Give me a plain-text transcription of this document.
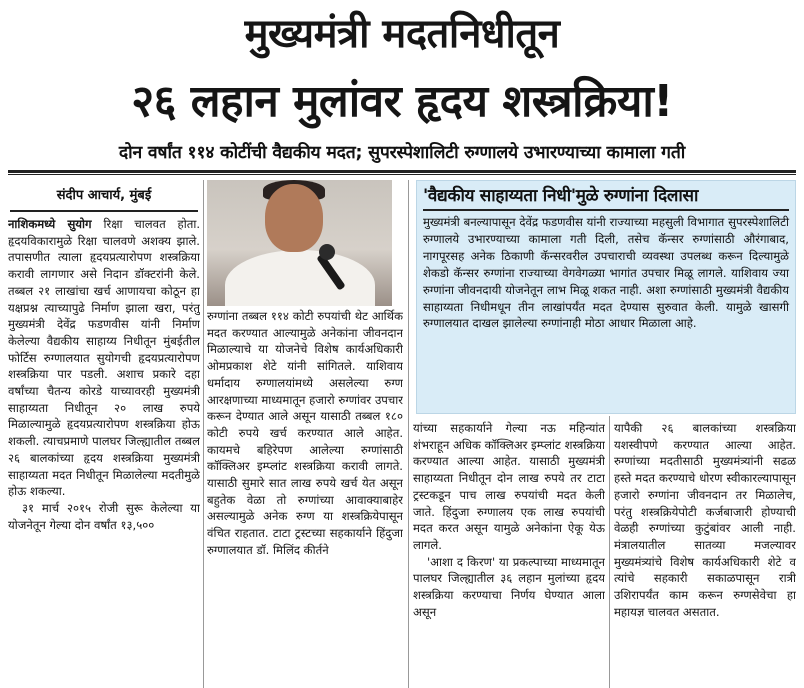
मुख्यमंत्री मदतनिधीतून
२६ लहान मुलांवर हृदय शस्त्रक्रिया!
दोन वर्षांत ११४ कोटींची वैद्यकीय मदत; सुपरस्पेशालिटी रुग्णालये उभारण्याच्या कामाला गती
संदीप आचार्य, मुंबई

नाशिकमध्ये सुयोग रिक्षा चालवत होता. हृदयविकारामुळे रिक्षा चालवणे अशक्य झाले. तपासणीत त्याला हृदयप्रत्यारोपण शस्त्रक्रिया करावी लागणार असे निदान डॉक्टरांनी केले. तब्बल २१ लाखांचा खर्च आणायचा कोठून हा यक्षप्रश्न त्याच्यापुढे निर्माण झाला खरा, परंतु मुख्यमंत्री देवेंद्र फडणवीस यांनी निर्माण केलेल्या वैद्यकीय साहाय्य निधीतून मुंबईतील फोर्टिस रुग्णालयात सुयोगची हृदयप्रत्यारोपण शस्त्रक्रिया पार पडली. अशाच प्रकारे दहा वर्षांच्या चैतन्य कोरडे याच्यावरही मुख्यमंत्री साहाय्यता निधीतून २० लाख रुपये मिळाल्यामुळे हृदयप्रत्यारोपण शस्त्रक्रिया होऊ शकली. त्याचप्रमाणे पालघर जिल्ह्यातील तब्बल २६ बालकांच्या हृदय शस्त्रक्रिया मुख्यमंत्री साहाय्यता मदत निधीतून मिळालेल्या मदतीमुळे होऊ शकल्या.

३१ मार्च २०१५ रोजी सुरू केलेल्या या योजनेतून गेल्या दोन वर्षांत १३,५००

रुग्णांना तब्बल ११४ कोटी रुपयांची थेट आर्थिक मदत करण्यात आल्यामुळे अनेकांना जीवनदान मिळाल्याचे या योजनेचे विशेष कार्यअधिकारी ओमप्रकाश शेटे यांनी सांगितले. याशिवाय धर्मादाय रुग्णालयांमध्ये असलेल्या रुग्ण आरक्षणाच्या माध्यमातून हजारो रुग्णांवर उपचार करून देण्यात आले असून यासाठी तब्बल १८० कोटी रुपये खर्च करण्यात आले आहेत. कायमचे बहिरेपण आलेल्या रुग्णांसाठी कॉक्लिअर इम्प्लांट शस्त्रक्रिया करावी लागते. यासाठी सुमारे सात लाख रुपये खर्च येत असून बहुतेक वेळा तो रुग्णांच्या आवाक्याबाहेर असल्यामुळे अनेक रुग्ण या शस्त्रक्रियेपासून वंचित राहतात. टाटा ट्रस्टच्या सहकार्याने हिंदुजा रुग्णालयात डॉ. मिलिंद कीर्तने

'वैद्यकीय साहाय्यता निधी'मुळे रुग्णांना दिलासा
मुख्यमंत्री बनल्यापासून देवेंद्र फडणवीस यांनी राज्याच्या महसुली विभागात सुपरस्पेशालिटी रुग्णालये उभारण्याच्या कामाला गती दिली, तसेच कॅन्सर रुग्णांसाठी औरंगाबाद, नागपूरसह अनेक ठिकाणी कॅन्सरवरील उपचाराची व्यवस्था उपलब्ध करून दिल्यामुळे शेकडो कॅन्सर रुग्णांना राज्याच्या वेगवेगळ्या भागांत उपचार मिळू लागले. याशिवाय ज्या रुग्णांना जीवनदायी योजनेतून लाभ मिळू शकत नाही. अशा रुग्णांसाठी मुख्यमंत्री वैद्यकीय साहाय्यता निधीमधून तीन लाखांपर्यंत मदत देण्यास सुरुवात केली. यामुळे खासगी रुग्णालयात दाखल झालेल्या रुग्णांनाही मोठा आधार मिळाला आहे.

यांच्या सहकार्याने गेल्या नऊ महिन्यांत शंभराहून अधिक कॉक्लिअर इम्प्लांट शस्त्रक्रिया करण्यात आल्या आहेत. यासाठी मुख्यमंत्री साहाय्यता निधीतून दोन लाख रुपये तर टाटा ट्रस्टकडून पाच लाख रुपयांची मदत केली जाते. हिंदुजा रुग्णालय एक लाख रुपयांची मदत करत असून यामुळे अनेकांना ऐकू येऊ लागले.

'आशा द किरण' या प्रकल्पाच्या माध्यमातून पालघर जिल्ह्यातील ३६ लहान मुलांच्या हृदय शस्त्रक्रिया करण्याचा निर्णय घेण्यात आला असून

यापैकी २६ बालकांच्या शस्त्रक्रिया यशस्वीपणे करण्यात आल्या आहेत. रुग्णांच्या मदतीसाठी मुख्यमंत्र्यांनी सढळ हस्ते मदत करण्याचे धोरण स्वीकारल्यापासून हजारो रुग्णांना जीवनदान तर मिळालेच, परंतु शस्त्रक्रियेपोटी कर्जबाजारी होण्याची वेळही रुग्णांच्या कुटुंबांवर आली नाही. मंत्रालयातील सातव्या मजल्यावर मुख्यमंत्र्यांचे विशेष कार्यअधिकारी शेटे व त्यांचे सहकारी सकाळपासून रात्री उशिरापर्यंत काम करून रुग्णसेवेचा हा महायज्ञ चालवत असतात.
